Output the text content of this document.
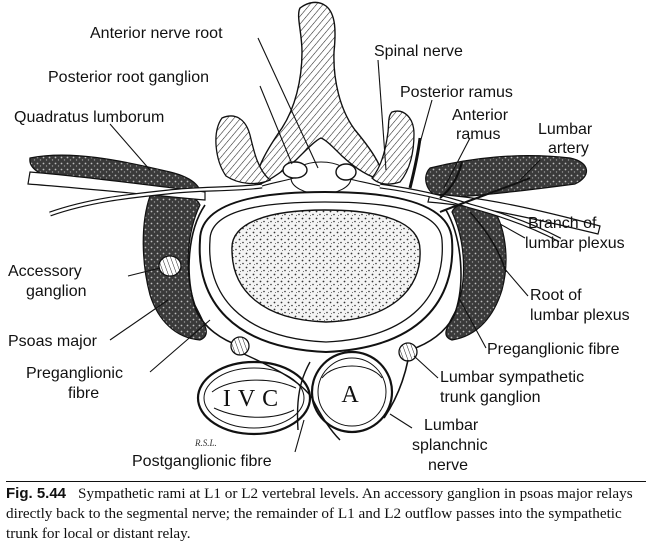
R.S.L.
Anterior nerve root
Spinal nerve
Posterior root ganglion
Posterior ramus
Quadratus lumborum	Anterior ramus	Lumbar artery
Branch of lumbar plexus
Accessory ganglion	Root of lumbar plexus
Psoas major	Preganglionic fibre
Preganglionic fibre
Lumbar sympathetic trunk ganglion
IVC A
Lumbar splanchnic nerve
Postganglionic fibre
Fig. 5.44 Sympathetic rami at L1 or L2 vertebral levels. An accessory ganglion in psoas major relays directly back to the segmental nerve; the remainder of L1 and L2 outflow passes into the sympathetic trunk for local or distant relay.
